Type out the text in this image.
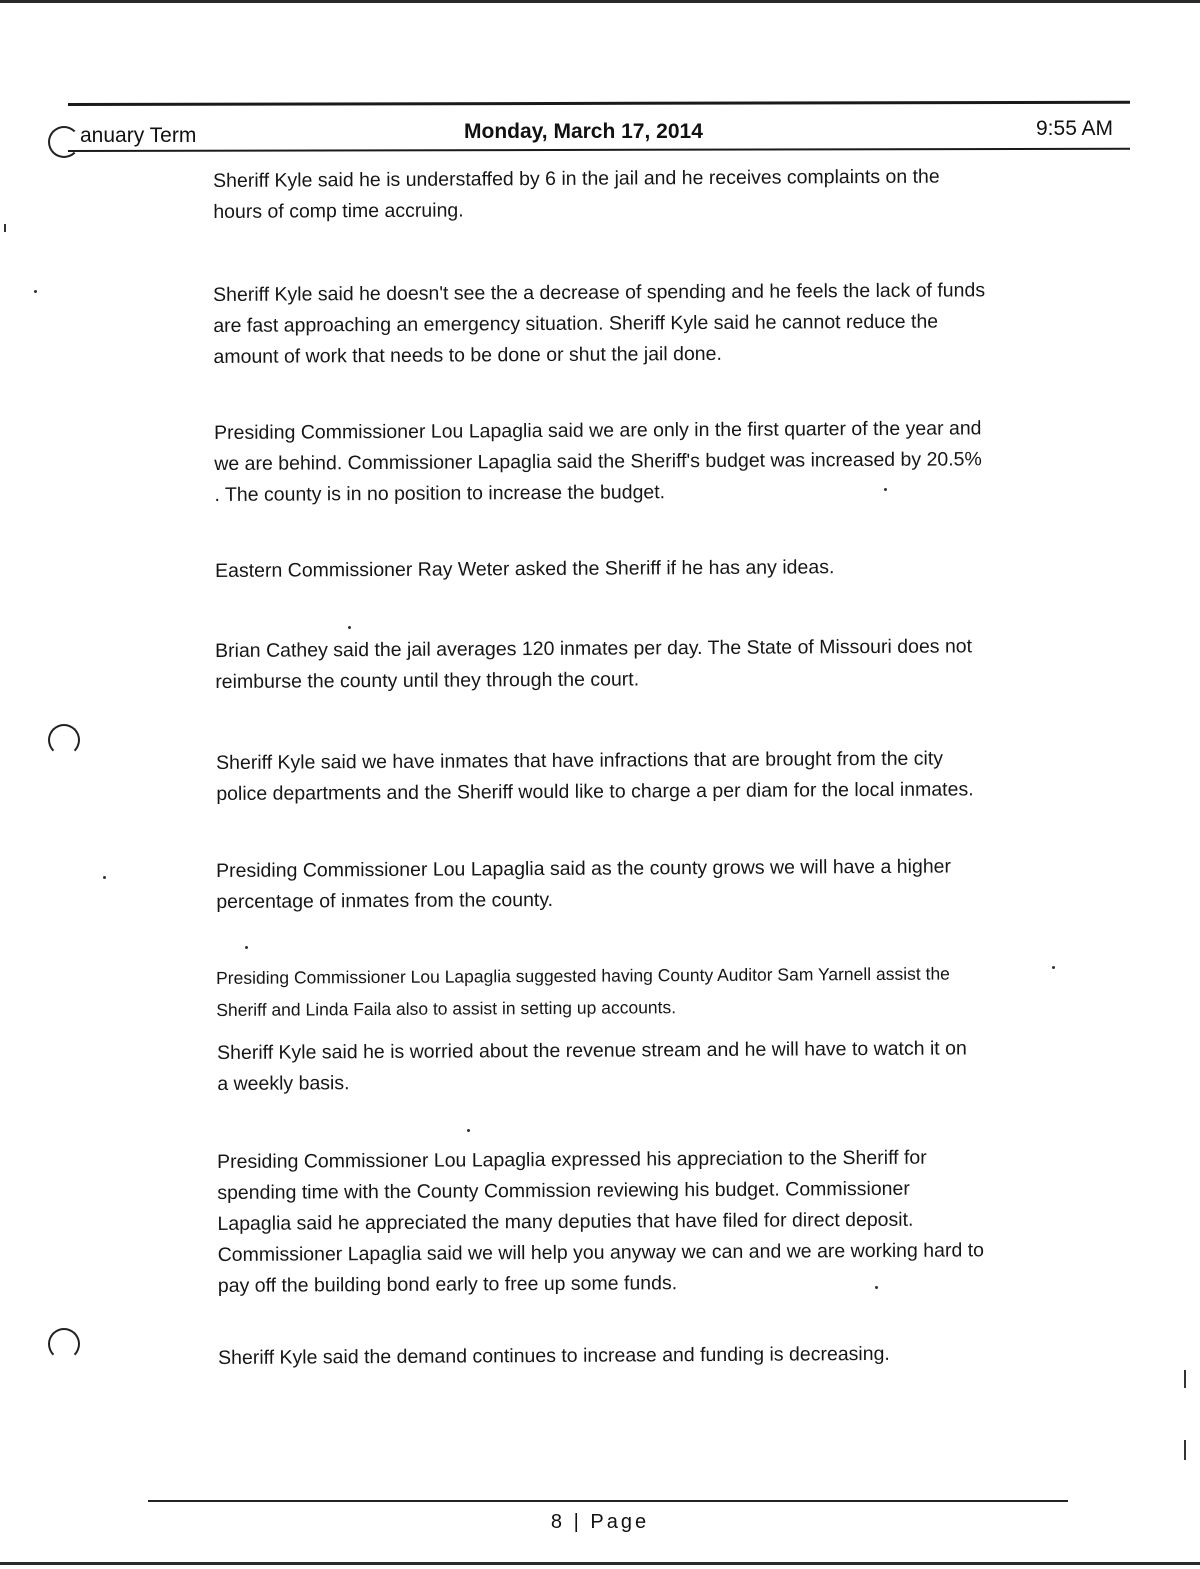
anuary Term	Monday, March 17, 2014	9:55 AM
Sheriff Kyle said he is understaffed by 6 in the jail and he receives complaints on the
hours of comp time accruing.
Sheriff Kyle said he doesn't see the a decrease of spending and he feels the lack of funds
are fast approaching an emergency situation. Sheriff Kyle said he cannot reduce the
amount of work that needs to be done or shut the jail done.
Presiding Commissioner Lou Lapaglia said we are only in the first quarter of the year and
we are behind. Commissioner Lapaglia said the Sheriff's budget was increased by 20.5%
. The county is in no position to increase the budget.
Eastern Commissioner Ray Weter asked the Sheriff if he has any ideas.
Brian Cathey said the jail averages 120 inmates per day. The State of Missouri does not
reimburse the county until they through the court.
Sheriff Kyle said we have inmates that have infractions that are brought from the city
police departments and the Sheriff would like to charge a per diam for the local inmates.
Presiding Commissioner Lou Lapaglia said as the county grows we will have a higher
percentage of inmates from the county.
Presiding Commissioner Lou Lapaglia suggested having County Auditor Sam Yarnell assist the
Sheriff and Linda Faila also to assist in setting up accounts.
Sheriff Kyle said he is worried about the revenue stream and he will have to watch it on
a weekly basis.
Presiding Commissioner Lou Lapaglia expressed his appreciation to the Sheriff for
spending time with the County Commission reviewing his budget. Commissioner
Lapaglia said he appreciated the many deputies that have filed for direct deposit.
Commissioner Lapaglia said we will help you anyway we can and we are working hard to
pay off the building bond early to free up some funds.
Sheriff Kyle said the demand continues to increase and funding is decreasing.
8 | Page
